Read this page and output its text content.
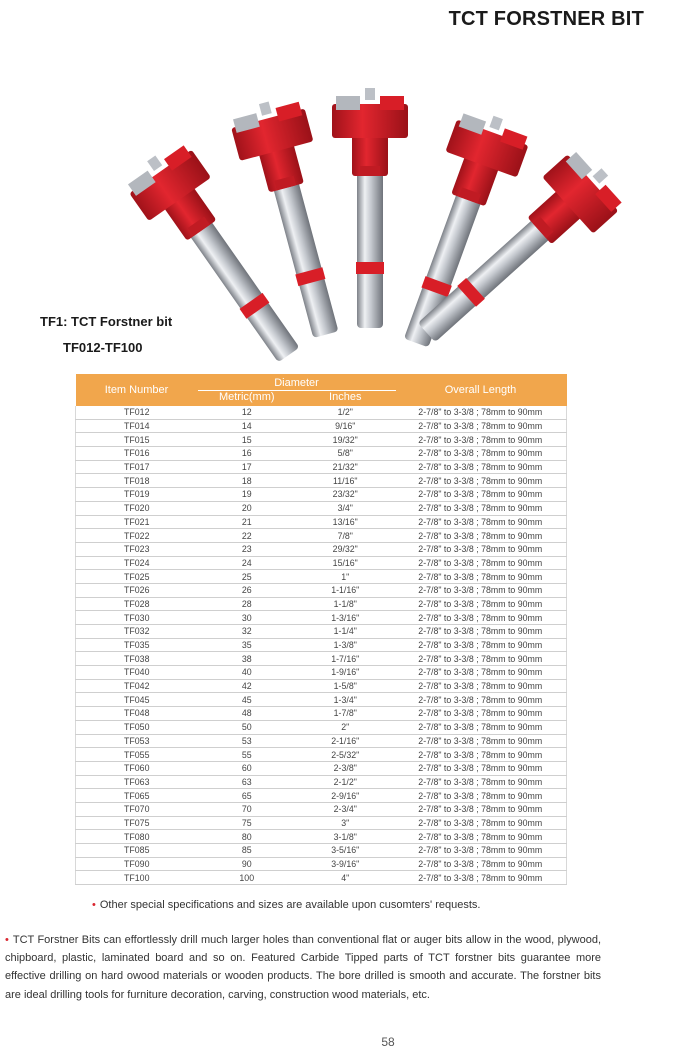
TCT FORSTNER BIT
TF1: TCT Forstner bit
TF012-TF100
Item Number	Diameter		Overall Length
	Metric(mm)	Inches	
TF012	12	1/2"	2-7/8" to 3-3/8 ; 78mm to 90mm
TF014	14	9/16"	2-7/8" to 3-3/8 ; 78mm to 90mm
TF015	15	19/32"	2-7/8" to 3-3/8 ; 78mm to 90mm
TF016	16	5/8"	2-7/8" to 3-3/8 ; 78mm to 90mm
TF017	17	21/32"	2-7/8" to 3-3/8 ; 78mm to 90mm
TF018	18	11/16"	2-7/8" to 3-3/8 ; 78mm to 90mm
TF019	19	23/32"	2-7/8" to 3-3/8 ; 78mm to 90mm
TF020	20	3/4"	2-7/8" to 3-3/8 ; 78mm to 90mm
TF021	21	13/16"	2-7/8" to 3-3/8 ; 78mm to 90mm
TF022	22	7/8"	2-7/8" to 3-3/8 ; 78mm to 90mm
TF023	23	29/32"	2-7/8" to 3-3/8 ; 78mm to 90mm
TF024	24	15/16"	2-7/8" to 3-3/8 ; 78mm to 90mm
TF025	25	1"	2-7/8" to 3-3/8 ; 78mm to 90mm
TF026	26	1-1/16"	2-7/8" to 3-3/8 ; 78mm to 90mm
TF028	28	1-1/8"	2-7/8" to 3-3/8 ; 78mm to 90mm
TF030	30	1-3/16"	2-7/8" to 3-3/8 ; 78mm to 90mm
TF032	32	1-1/4"	2-7/8" to 3-3/8 ; 78mm to 90mm
TF035	35	1-3/8"	2-7/8" to 3-3/8 ; 78mm to 90mm
TF038	38	1-7/16"	2-7/8" to 3-3/8 ; 78mm to 90mm
TF040	40	1-9/16"	2-7/8" to 3-3/8 ; 78mm to 90mm
TF042	42	1-5/8"	2-7/8" to 3-3/8 ; 78mm to 90mm
TF045	45	1-3/4"	2-7/8" to 3-3/8 ; 78mm to 90mm
TF048	48	1-7/8"	2-7/8" to 3-3/8 ; 78mm to 90mm
TF050	50	2"	2-7/8" to 3-3/8 ; 78mm to 90mm
TF053	53	2-1/16"	2-7/8" to 3-3/8 ; 78mm to 90mm
TF055	55	2-5/32"	2-7/8" to 3-3/8 ; 78mm to 90mm
TF060	60	2-3/8"	2-7/8" to 3-3/8 ; 78mm to 90mm
TF063	63	2-1/2"	2-7/8" to 3-3/8 ; 78mm to 90mm
TF065	65	2-9/16"	2-7/8" to 3-3/8 ; 78mm to 90mm
TF070	70	2-3/4"	2-7/8" to 3-3/8 ; 78mm to 90mm
TF075	75	3"	2-7/8" to 3-3/8 ; 78mm to 90mm
TF080	80	3-1/8"	2-7/8" to 3-3/8 ; 78mm to 90mm
TF085	85	3-5/16"	2-7/8" to 3-3/8 ; 78mm to 90mm
TF090	90	3-9/16"	2-7/8" to 3-3/8 ; 78mm to 90mm
TF100	100	4"	2-7/8" to 3-3/8 ; 78mm to 90mm
• Other special specifications and sizes are available upon cusomters' requests.
• TCT Forstner Bits can effortlessly drill much larger holes than conventional flat or auger bits allow in the wood, plywood, chipboard, plastic, laminated board and so on. Featured Carbide Tipped parts of TCT forstner bits guarantee more effective drilling on hard owood materials or wooden products. The bore drilled is smooth and accurate. The forstner bits are ideal drilling tools for furniture decoration, carving, construction wood materials, etc.
58
